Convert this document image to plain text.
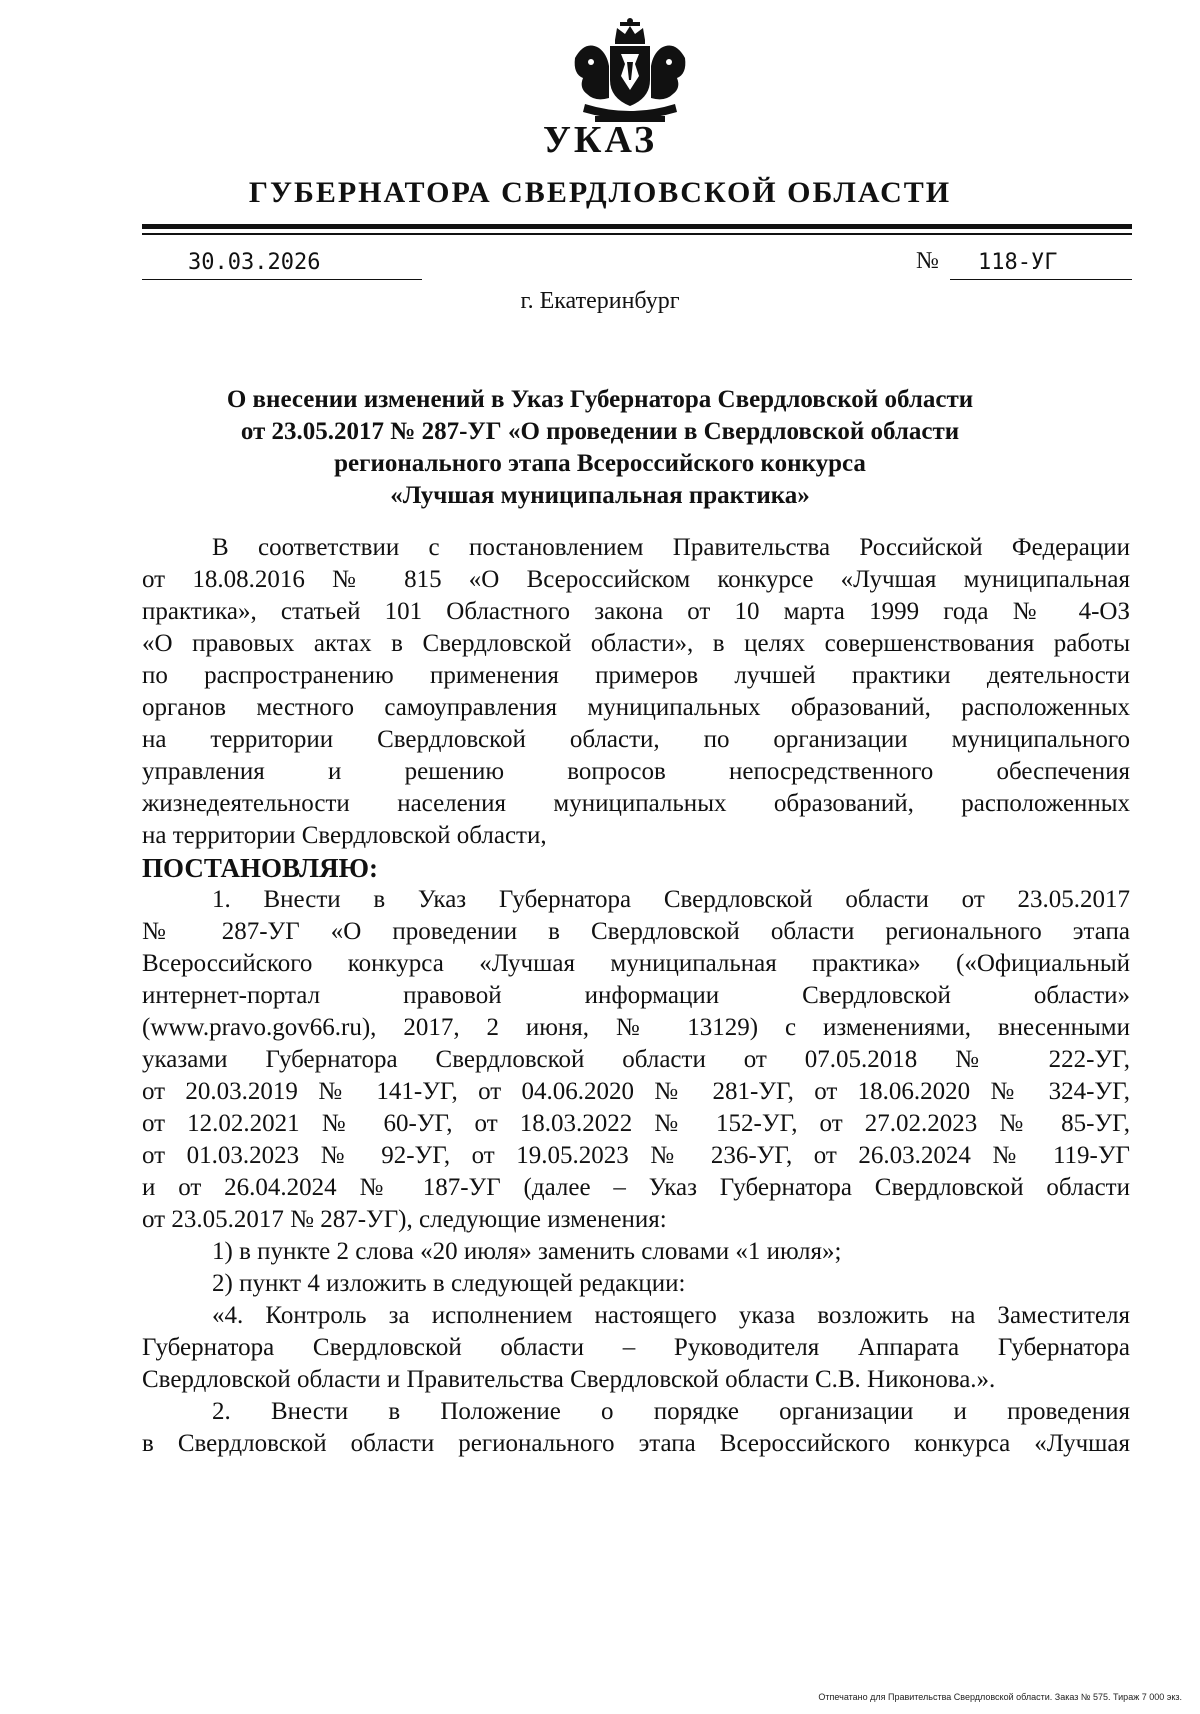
УКАЗ
ГУБЕРНАТОРА СВЕРДЛОВСКОЙ ОБЛАСТИ
30.03.2026	№	118-УГ
г. Екатеринбург
О внесении изменений в Указ Губернатора Свердловской области
от 23.05.2017 № 287-УГ «О проведении в Свердловской области
регионального этапа Всероссийского конкурса
«Лучшая муниципальная практика»
В соответствии с постановлением Правительства Российской Федерации
от 18.08.2016 № 815 «О Всероссийском конкурсе «Лучшая муниципальная
практика», статьей 101 Областного закона от 10 марта 1999 года № 4-ОЗ
«О правовых актах в Свердловской области», в целях совершенствования работы
по распространению применения примеров лучшей практики деятельности
органов местного самоуправления муниципальных образований, расположенных
на территории Свердловской области, по организации муниципального
управления и решению вопросов непосредственного обеспечения
жизнедеятельности населения муниципальных образований, расположенных
на территории Свердловской области,
ПОСТАНОВЛЯЮ:
1. Внести в Указ Губернатора Свердловской области от 23.05.2017
№ 287-УГ «О проведении в Свердловской области регионального этапа
Всероссийского конкурса «Лучшая муниципальная практика» («Официальный
интернет-портал правовой информации Свердловской области»
(www.pravo.gov66.ru), 2017, 2 июня, № 13129) с изменениями, внесенными
указами Губернатора Свердловской области от 07.05.2018 № 222-УГ,
от 20.03.2019 № 141-УГ, от 04.06.2020 № 281-УГ, от 18.06.2020 № 324-УГ,
от 12.02.2021 № 60-УГ, от 18.03.2022 № 152-УГ, от 27.02.2023 № 85-УГ,
от 01.03.2023 № 92-УГ, от 19.05.2023 № 236-УГ, от 26.03.2024 № 119-УГ
и от 26.04.2024 № 187-УГ (далее – Указ Губернатора Свердловской области
от 23.05.2017 № 287-УГ), следующие изменения:
1) в пункте 2 слова «20 июля» заменить словами «1 июля»;
2) пункт 4 изложить в следующей редакции:
«4. Контроль за исполнением настоящего указа возложить на Заместителя
Губернатора Свердловской области – Руководителя Аппарата Губернатора
Свердловской области и Правительства Свердловской области С.В. Никонова.».
2. Внести в Положение о порядке организации и проведения
в Свердловской области регионального этапа Всероссийского конкурса «Лучшая
Отпечатано для Правительства Свердловской области. Заказ № 575. Тираж 7 000 экз.
